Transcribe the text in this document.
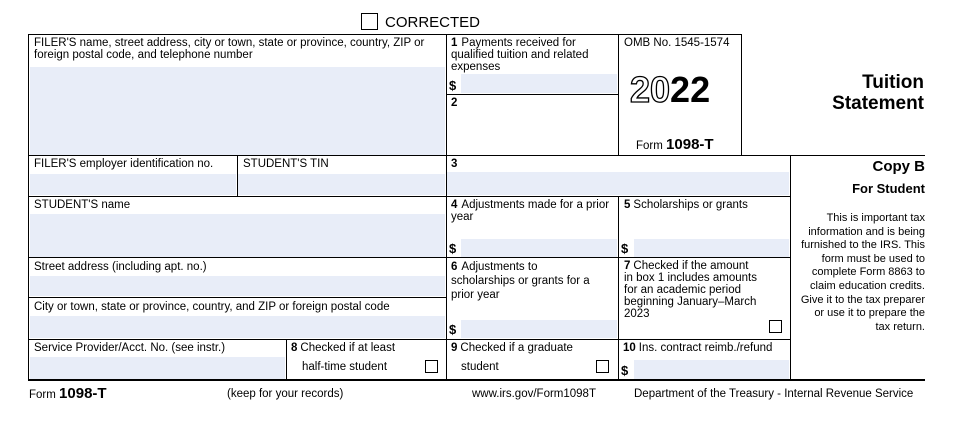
CORRECTED
FILER'S name, street address, city or town, state or province, country, ZIP or foreign postal code, and telephone number
1 Payments received for qualified tuition and related expenses
$
2
OMB No. 1545-1574
2022
Form 1098-T
Tuition
Statement
FILER'S employer identification no.	STUDENT'S TIN	3	Copy B
For Student
This is important tax information and is being furnished to the IRS. This form must be used to complete Form 8863 to claim education credits. Give it to the tax preparer or use it to prepare the tax return.
STUDENT'S name	4 Adjustments made for a prior year
$
5 Scholarships or grants
$
Street address (including apt. no.)
City or town, state or province, country, and ZIP or foreign postal code
6 Adjustments to scholarships or grants for a prior year
$
7 Checked if the amount in box 1 includes amounts for an academic period beginning January–March 2023
Service Provider/Acct. No. (see instr.)	8 Checked if at least
half-time student
9 Checked if a graduate
student
10 Ins. contract reimb./refund
$
Form 1098-T	(keep for your records)	www.irs.gov/Form1098T	Department of the Treasury - Internal Revenue Service
